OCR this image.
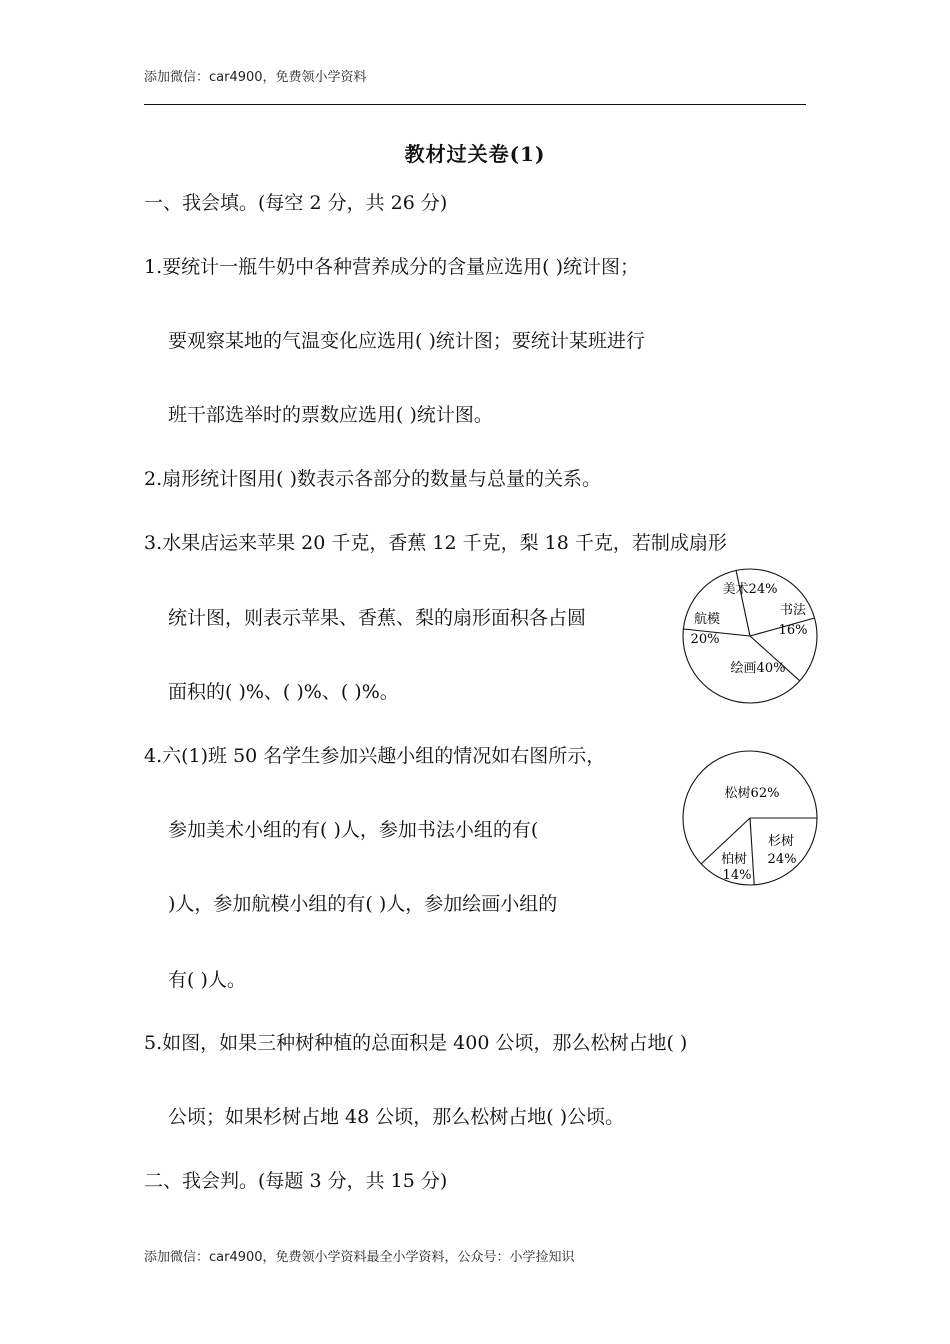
添加微信：car4900，免费领小学资料
教材过关卷(1)
一、我会填。(每空 2 分，共 26 分)
1.要统计一瓶牛奶中各种营养成分的含量应选用( )统计图；
要观察某地的气温变化应选用( )统计图；要统计某班进行
班干部选举时的票数应选用( )统计图。
2.扇形统计图用( )数表示各部分的数量与总量的关系。
3.水果店运来苹果 20 千克，香蕉 12 千克，梨 18 千克，若制成扇形
统计图，则表示苹果、香蕉、梨的扇形面积各占圆
面积的( )%、( )%、( )%。
4.六(1)班 50 名学生参加兴趣小组的情况如右图所示，
参加美术小组的有( )人，参加书法小组的有(
)人，参加航模小组的有( )人，参加绘画小组的
有( )人。
5.如图，如果三种树种植的总面积是 400 公顷，那么松树占地( )
公顷；如果杉树占地 48 公顷，那么松树占地( )公顷。
二、我会判。(每题 3 分，共 15 分)
美术24%
书法
16%
绘画40%
航模
20%
松树62%
杉树
24%
柏树
14%
添加微信：car4900，免费领小学资料最全小学资料，公众号：小学捡知识
